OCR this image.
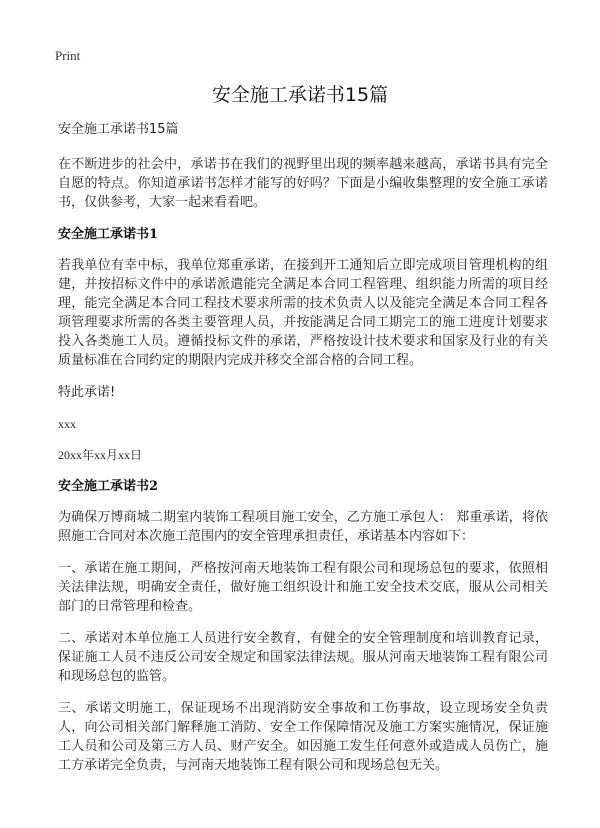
Print
安全施工承诺书15篇

安全施工承诺书15篇

在不断进步的社会中，承诺书在我们的视野里出现的频率越来越高，承诺书具有完全自愿的特点。你知道承诺书怎样才能写的好吗？下面是小编收集整理的安全施工承诺书，仅供参考，大家一起来看看吧。

安全施工承诺书1

若我单位有幸中标，我单位郑重承诺，在接到开工通知后立即完成项目管理机构的组建，并按招标文件中的承诺派遣能完全满足本合同工程管理、组织能力所需的项目经理，能完全满足本合同工程技术要求所需的技术负责人以及能完全满足本合同工程各项管理要求所需的各类主要管理人员，并按能满足合同工期完工的施工进度计划要求投入各类施工人员。遵循投标文件的承诺，严格按设计技术要求和国家及行业的有关质量标准在合同约定的期限内完成并移交全部合格的合同工程。

特此承诺!

xxx

20xx年xx月xx日

安全施工承诺书2

为确保万博商城二期室内装饰工程项目施工安全，乙方施工承包人： 郑重承诺，将依照施工合同对本次施工范围内的安全管理承担责任，承诺基本内容如下：

一、承诺在施工期间，严格按河南天地装饰工程有限公司和现场总包的要求，依照相关法律法规，明确安全责任，做好施工组织设计和施工安全技术交底，服从公司相关部门的日常管理和检查。

二、承诺对本单位施工人员进行安全教育，有健全的安全管理制度和培训教育记录，保证施工人员不违反公司安全规定和国家法律法规。服从河南天地装饰工程有限公司和现场总包的监管。

三、承诺文明施工，保证现场不出现消防安全事故和工伤事故，设立现场安全负责人，向公司相关部门解释施工消防、安全工作保障情况及施工方案实施情况，保证施工人员和公司及第三方人员、财产安全。如因施工发生任何意外或造成人员伤亡，施工方承诺完全负责，与河南天地装饰工程有限公司和现场总包无关。
